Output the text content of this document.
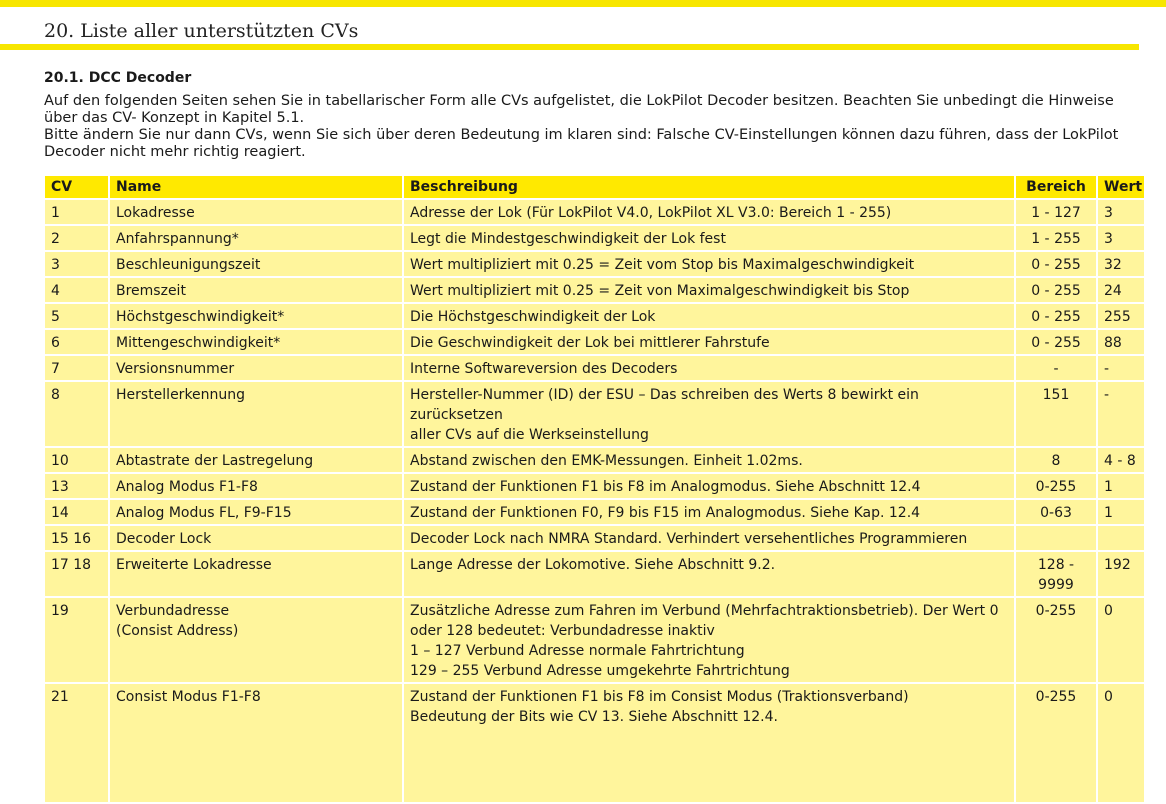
20. Liste aller unterstützten CVs
20.1. DCC Decoder

Auf den folgenden Seiten sehen Sie in tabellarischer Form alle CVs aufgelistet, die LokPilot Decoder besitzen. Beachten Sie unbedingt die Hinweise über das CV- Konzept in Kapitel 5.1.

Bitte ändern Sie nur dann CVs, wenn Sie sich über deren Bedeutung im klaren sind: Falsche CV-Einstellungen können dazu führen, dass der LokPilot Decoder nicht mehr richtig reagiert.

CV	Name	Beschreibung	Bereich	Wert
1	Lokadresse	Adresse der Lok (Für LokPilot V4.0, LokPilot XL V3.0: Bereich 1 - 255)	1 - 127	3
2	Anfahrspannung*	Legt die Mindestgeschwindigkeit der Lok fest	1 - 255	3
3	Beschleunigungszeit	Wert multipliziert mit 0.25 = Zeit vom Stop bis Maximalgeschwindigkeit	0 - 255	32
4	Bremszeit	Wert multipliziert mit 0.25 = Zeit von Maximalgeschwindigkeit bis Stop	0 - 255	24
5	Höchstgeschwindigkeit*	Die Höchstgeschwindigkeit der Lok	0 - 255	255
6	Mittengeschwindigkeit*	Die Geschwindigkeit der Lok bei mittlerer Fahrstufe	0 - 255	88
7	Versionsnummer	Interne Softwareversion des Decoders	-	-
8	Herstellerkennung	Hersteller-Nummer (ID) der ESU – Das schreiben des Werts 8 bewirkt ein zurücksetzen
aller CVs auf die Werkseinstellung	151	-
10	Abtastrate der Lastregelung	Abstand zwischen den EMK-Messungen. Einheit 1.02ms.	8	4 - 8
13	Analog Modus F1-F8	Zustand der Funktionen F1 bis F8 im Analogmodus. Siehe Abschnitt 12.4	0-255	1
14	Analog Modus FL, F9-F15	Zustand der Funktionen F0, F9 bis F15 im Analogmodus. Siehe Kap. 12.4	0-63	1
15 16	Decoder Lock	Decoder Lock nach NMRA Standard. Verhindert versehentliches Programmieren		

17 18	Erweiterte Lokadresse	Lange Adresse der Lokomotive. Siehe Abschnitt 9.2.	128 -
9999	192
19	Verbundadresse
(Consist Address)	Zusätzliche Adresse zum Fahren im Verbund (Mehrfachtraktionsbetrieb). Der Wert 0
oder 128 bedeutet: Verbundadresse inaktiv
1 – 127 Verbund Adresse normale Fahrtrichtung
129 – 255 Verbund Adresse umgekehrte Fahrtrichtung	0-255	0
21	Consist Modus F1-F8	Zustand der Funktionen F1 bis F8 im Consist Modus (Traktionsverband)
Bedeutung der Bits wie CV 13. Siehe Abschnitt 12.4.	0-255	0
